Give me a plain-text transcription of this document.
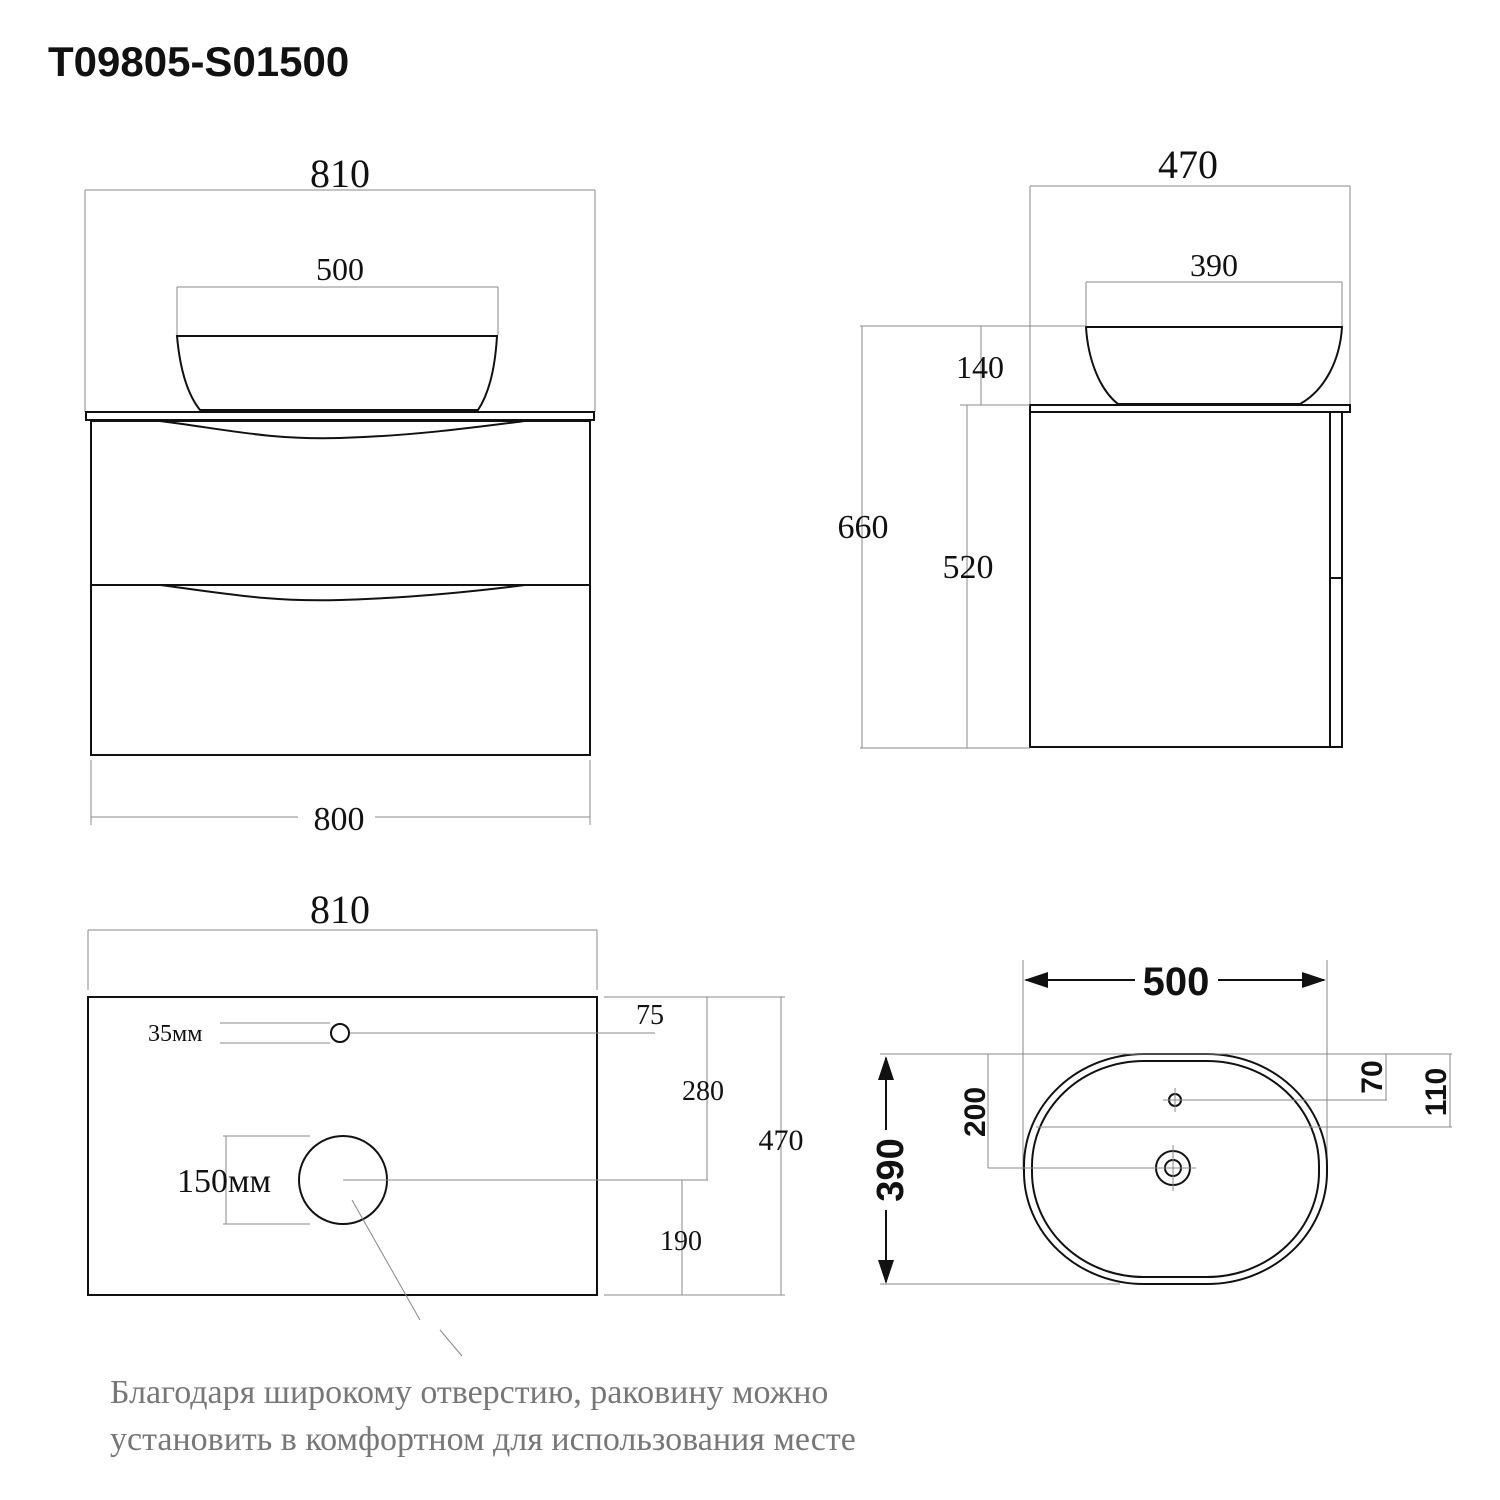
T09805-S01500
810
500
800
470
390
660
140
520
810
35мм
75
150мм
280
190
470
500
390
200
70 110
Благодаря широкому отверстию, раковину можно
установить в комфортном для использования месте
